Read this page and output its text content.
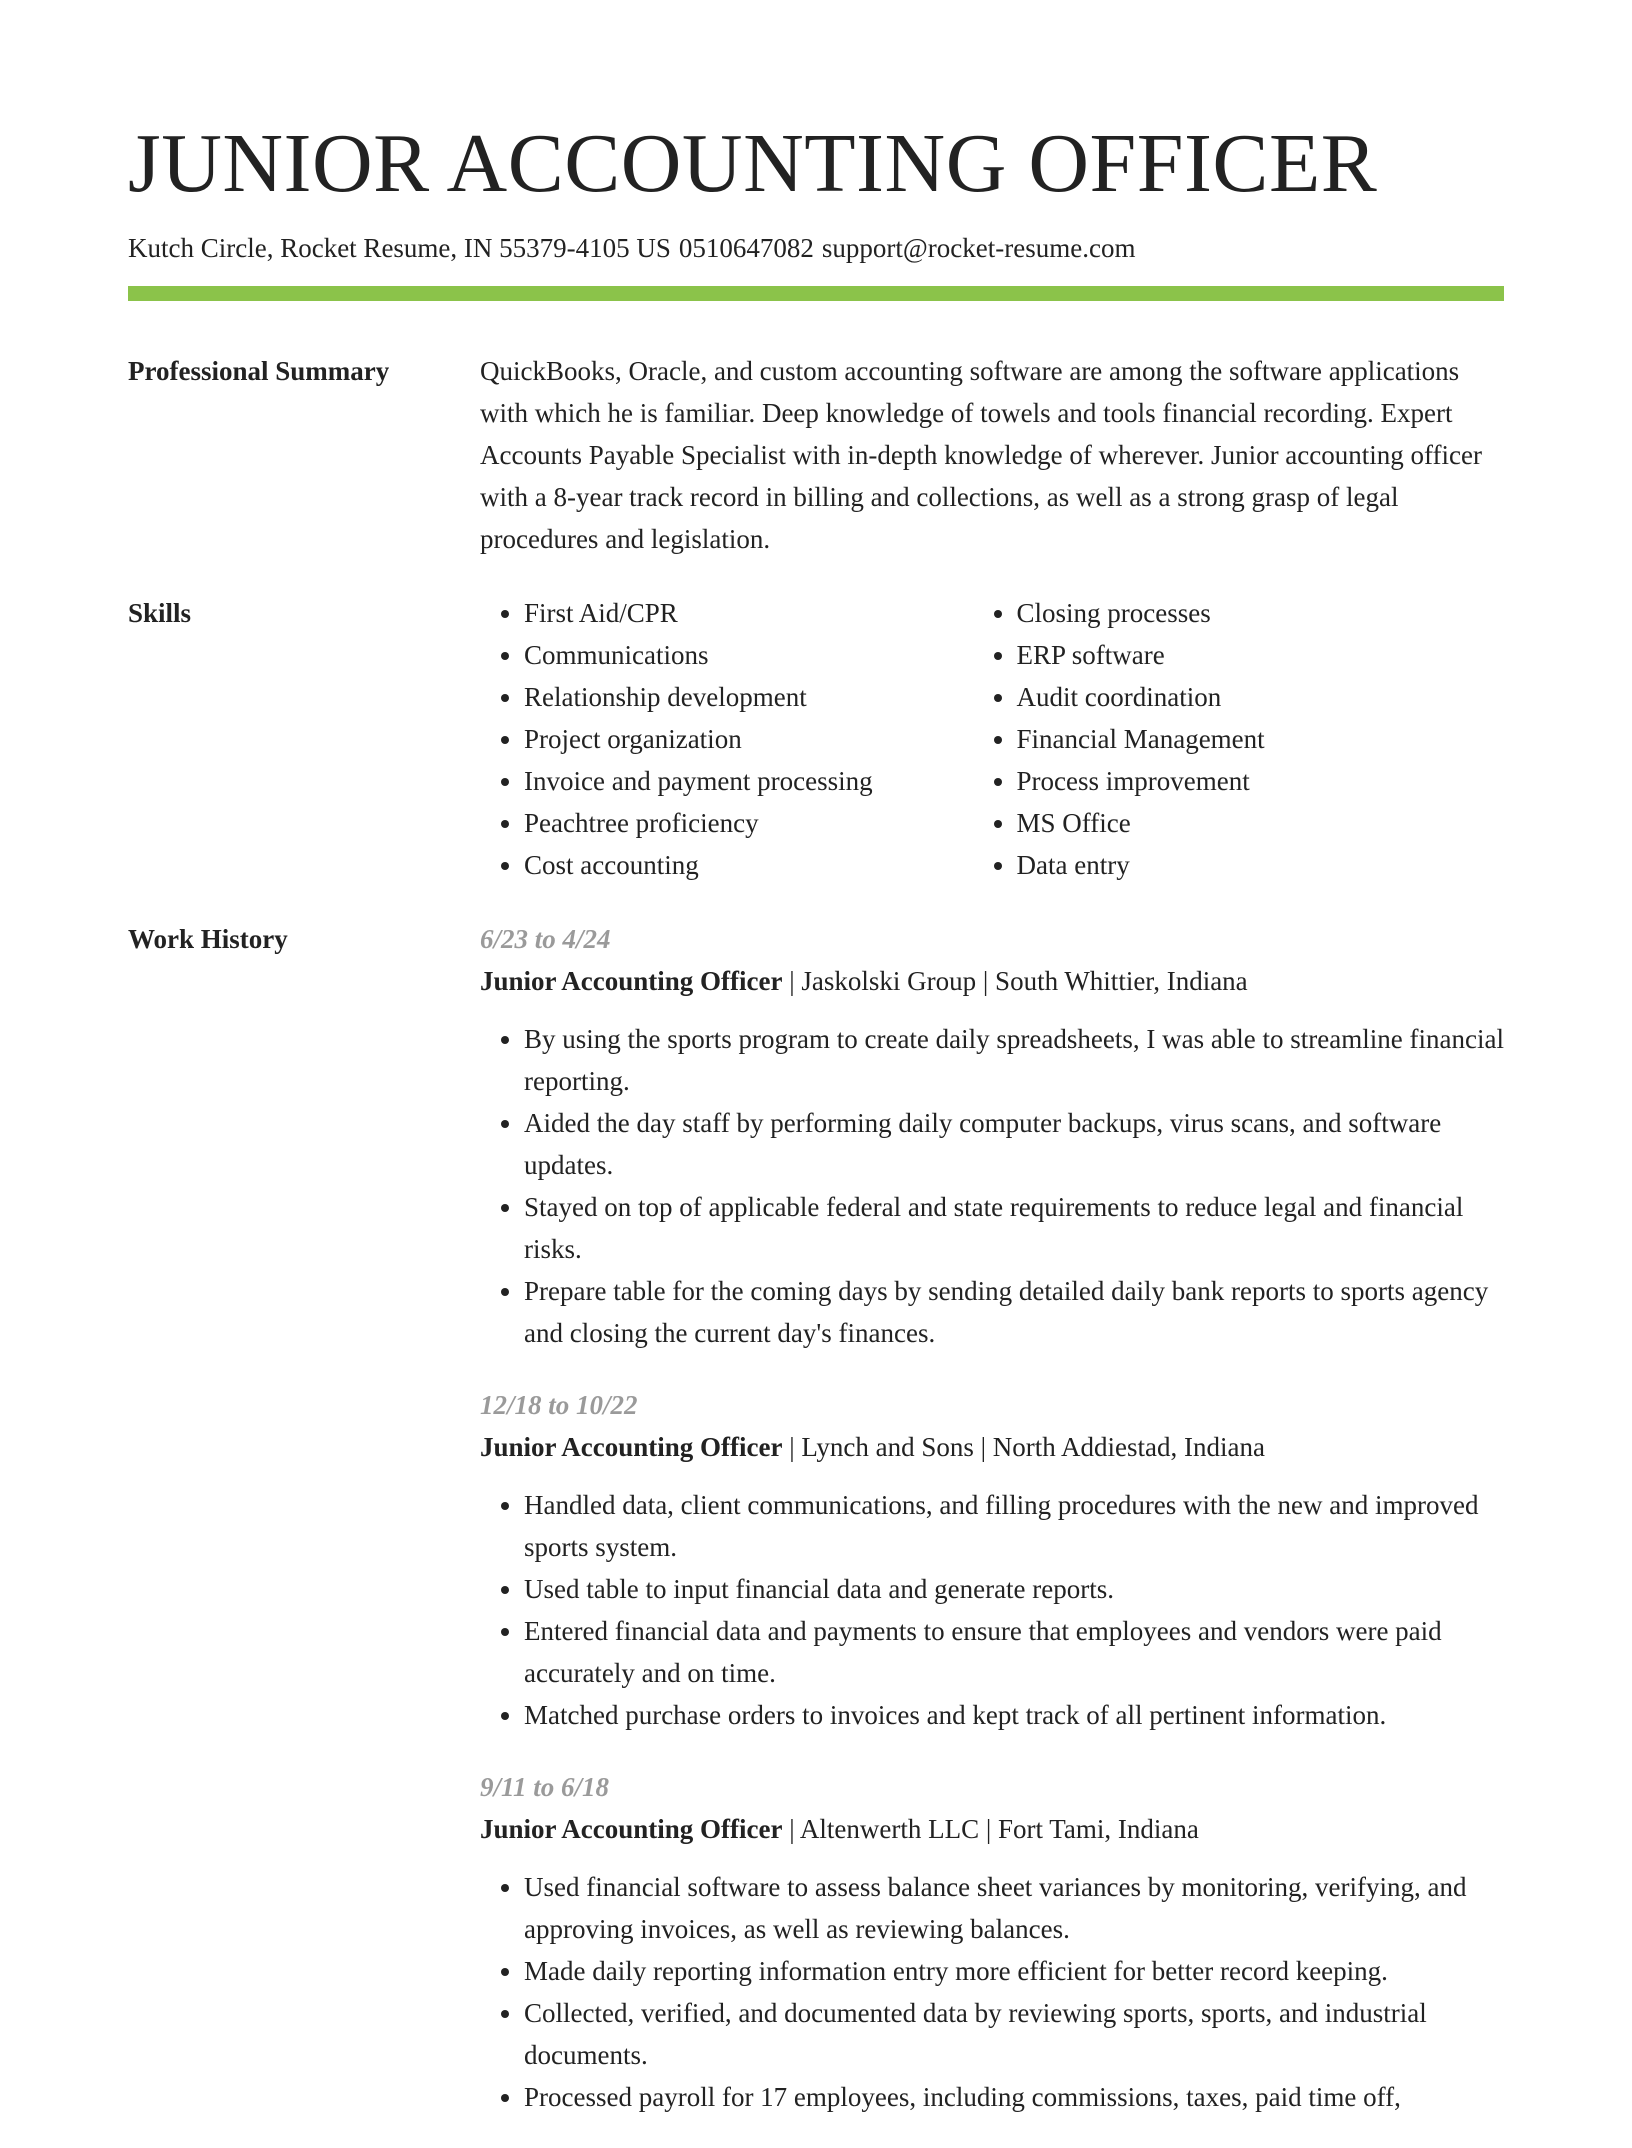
JUNIOR ACCOUNTING OFFICER
Kutch Circle, Rocket Resume, IN 55379-4105 US 0510647082 support@rocket-resume.com
Professional Summary	QuickBooks, Oracle, and custom accounting software are among the software applications with which he is familiar. Deep knowledge of towels and tools financial recording. Expert Accounts Payable Specialist with in-depth knowledge of wherever. Junior accounting officer with a 8-year track record in billing and collections, as well as a strong grasp of legal procedures and legislation.

Skills
•	First Aid/CPR
• Communications
• Relationship development
• Project organization
• Invoice and payment processing
• Peachtree proficiency
• Cost accounting
• Closing processes
• ERP software
• Audit coordination
• Financial Management
• Process improvement
• MS Office
• Data entry
Work History	6/23 to 4/24
Junior Accounting Officer | Jaskolski Group | South Whittier, Indiana
• By using the sports program to create daily spreadsheets, I was able to streamline financial reporting.
• Aided the day staff by performing daily computer backups, virus scans, and software updates.
• Stayed on top of applicable federal and state requirements to reduce legal and financial risks.
• Prepare table for the coming days by sending detailed daily bank reports to sports agency and closing the current day's finances.
12/18 to 10/22
Junior Accounting Officer | Lynch and Sons | North Addiestad, Indiana
• Handled data, client communications, and filling procedures with the new and improved sports system.
• Used table to input financial data and generate reports.
• Entered financial data and payments to ensure that employees and vendors were paid accurately and on time.
• Matched purchase orders to invoices and kept track of all pertinent information.
9/11 to 6/18
Junior Accounting Officer | Altenwerth LLC | Fort Tami, Indiana
• Used financial software to assess balance sheet variances by monitoring, verifying, and approving invoices, as well as reviewing balances.
• Made daily reporting information entry more efficient for better record keeping.
• Collected, verified, and documented data by reviewing sports, sports, and industrial documents.
• Processed payroll for 17 employees, including commissions, taxes, paid time off,
